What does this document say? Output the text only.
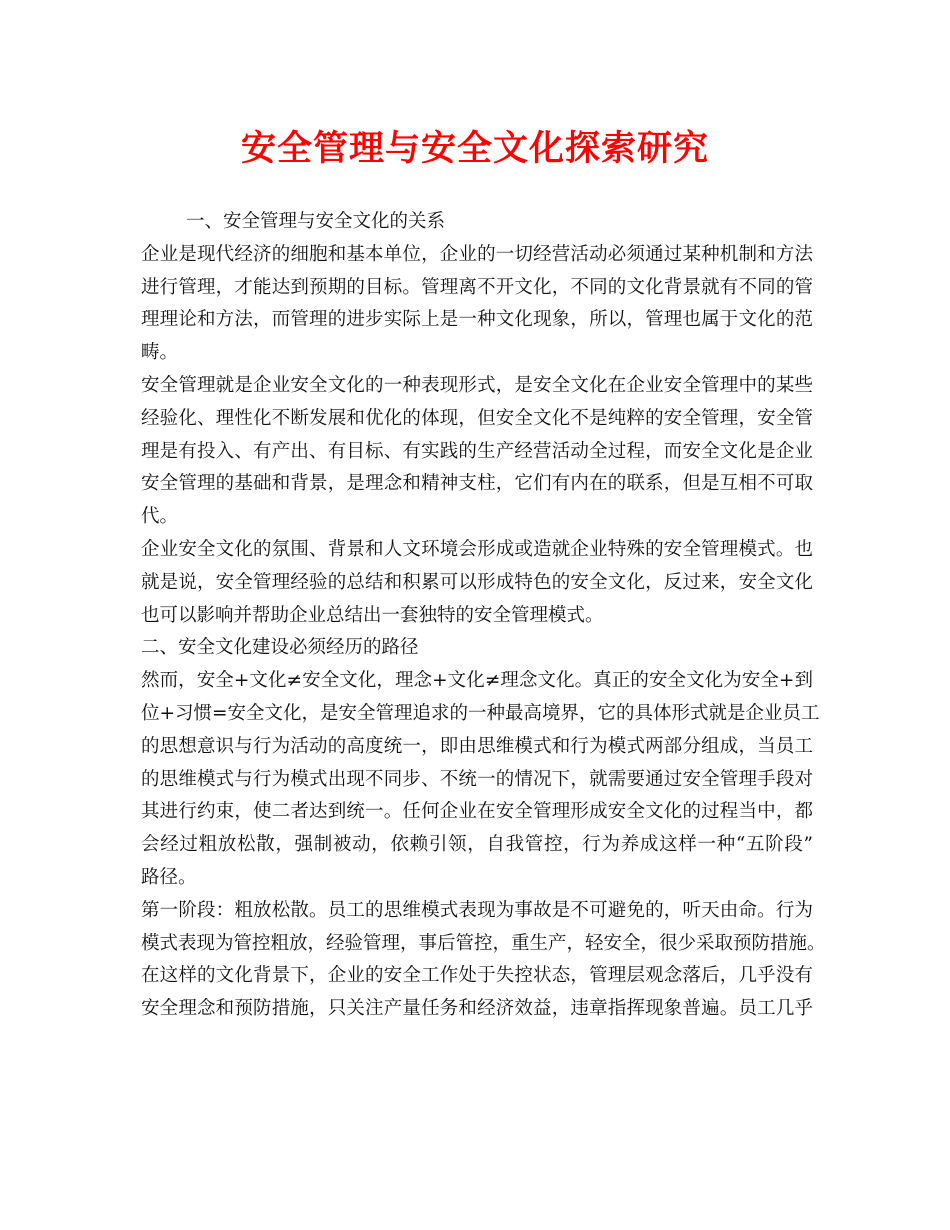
安全管理与安全文化探索研究
一、安全管理与安全文化的关系
企业是现代经济的细胞和基本单位，企业的一切经营活动必须通过某种机制和方法
进行管理，才能达到预期的目标。管理离不开文化，不同的文化背景就有不同的管
理理论和方法，而管理的进步实际上是一种文化现象，所以，管理也属于文化的范
畴。
安全管理就是企业安全文化的一种表现形式，是安全文化在企业安全管理中的某些
经验化、理性化不断发展和优化的体现，但安全文化不是纯粹的安全管理，安全管
理是有投入、有产出、有目标、有实践的生产经营活动全过程，而安全文化是企业
安全管理的基础和背景，是理念和精神支柱，它们有内在的联系，但是互相不可取
代。
企业安全文化的氛围、背景和人文环境会形成或造就企业特殊的安全管理模式。也
就是说，安全管理经验的总结和积累可以形成特色的安全文化，反过来，安全文化
也可以影响并帮助企业总结出一套独特的安全管理模式。
二、安全文化建设必须经历的路径
然而，安全+文化≠安全文化，理念+文化≠理念文化。真正的安全文化为安全+到
位+习惯=安全文化，是安全管理追求的一种最高境界，它的具体形式就是企业员工
的思想意识与行为活动的高度统一，即由思维模式和行为模式两部分组成，当员工
的思维模式与行为模式出现不同步、不统一的情况下，就需要通过安全管理手段对
其进行约束，使二者达到统一。任何企业在安全管理形成安全文化的过程当中，都
会经过粗放松散，强制被动，依赖引领，自我管控，行为养成这样一种“五阶段”
路径。
第一阶段：粗放松散。员工的思维模式表现为事故是不可避免的，听天由命。行为
模式表现为管控粗放，经验管理，事后管控，重生产，轻安全，很少采取预防措施。
在这样的文化背景下，企业的安全工作处于失控状态，管理层观念落后，几乎没有
安全理念和预防措施，只关注产量任务和经济效益，违章指挥现象普遍。员工几乎
